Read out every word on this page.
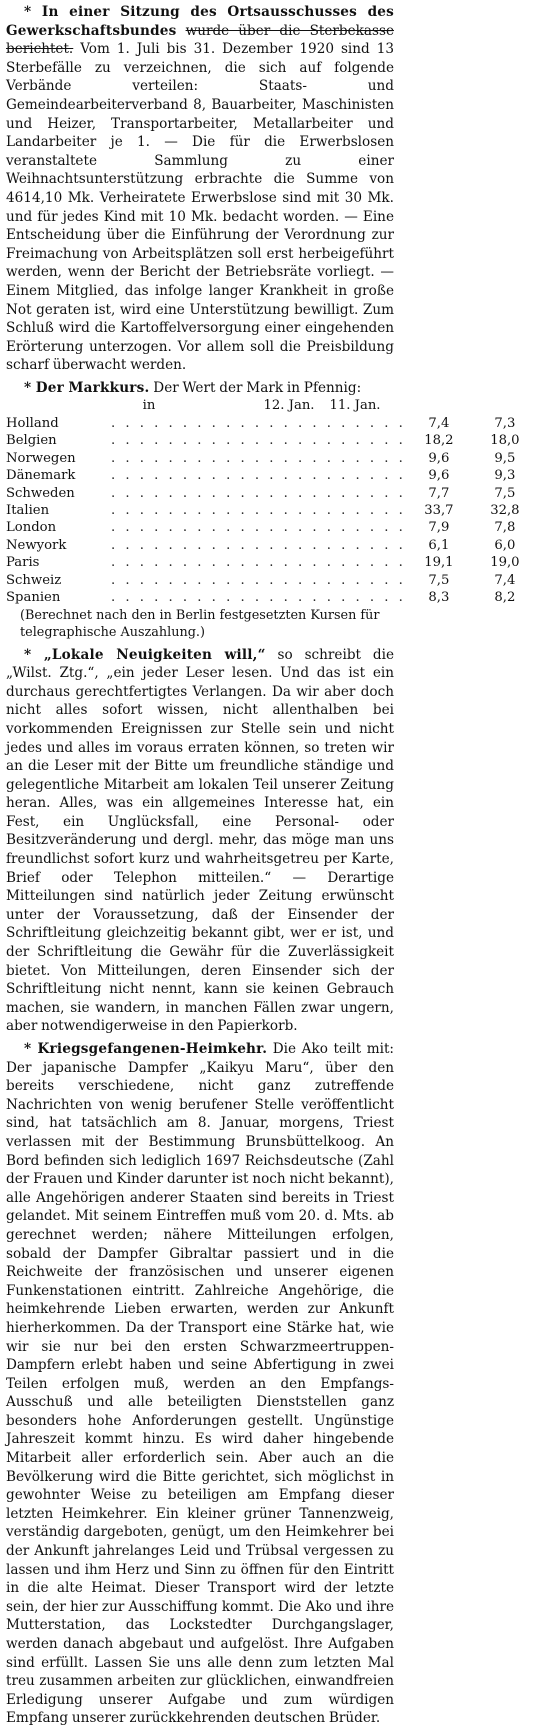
* In einer Sitzung des Ortsausschusses des Gewerkschaftsbundes wurde über die Sterbekasse berichtet. Vom 1. Juli bis 31. Dezember 1920 sind 13 Sterbefälle zu verzeichnen, die sich auf folgende Verbände verteilen: Staats- und Gemeindearbeiterverband 8, Bauarbeiter, Maschinisten und Heizer, Transportarbeiter, Metallarbeiter und Landarbeiter je 1. — Die für die Erwerbslosen veranstaltete Sammlung zu einer Weihnachtsunterstützung erbrachte die Summe von 4614,10 Mk. Verheiratete Erwerbslose sind mit 30 Mk. und für jedes Kind mit 10 Mk. bedacht worden. — Eine Entscheidung über die Einführung der Verordnung zur Freimachung von Arbeitsplätzen soll erst herbeigeführt werden, wenn der Bericht der Betriebsräte vorliegt. — Einem Mitglied, das infolge langer Krankheit in große Not geraten ist, wird eine Unterstützung bewilligt. Zum Schluß wird die Kartoffelversorgung einer eingehenden Erörterung unterzogen. Vor allem soll die Preisbildung scharf überwacht werden.

* Der Markkurs. Der Wert der Mark in Pfennig:

in	12. Jan.	11. Jan.
Holland	. . . . . . . . . . . . . . . . . . . . .	7,4	7,3
Belgien	. . . . . . . . . . . . . . . . . . . . .	18,2	18,0
Norwegen	. . . . . . . . . . . . . . . . . . . . .	9,6	9,5
Dänemark	. . . . . . . . . . . . . . . . . . . . .	9,6	9,3
Schweden	. . . . . . . . . . . . . . . . . . . . .	7,7	7,5
Italien	. . . . . . . . . . . . . . . . . . . . .	33,7	32,8
London	. . . . . . . . . . . . . . . . . . . . .	7,9	7,8
Newyork	. . . . . . . . . . . . . . . . . . . . .	6,1	6,0
Paris	. . . . . . . . . . . . . . . . . . . . .	19,1	19,0
Schweiz	. . . . . . . . . . . . . . . . . . . . .	7,5	7,4
Spanien	. . . . . . . . . . . . . . . . . . . . .	8,3	8,2

(Berechnet nach den in Berlin festgesetzten Kursen für telegraphische Auszahlung.)

* „Lokale Neuigkeiten will,“ so schreibt die „Wilst. Ztg.“, „ein jeder Leser lesen. Und das ist ein durchaus gerechtfertigtes Verlangen. Da wir aber doch nicht alles sofort wissen, nicht allenthalben bei vorkommenden Ereignissen zur Stelle sein und nicht jedes und alles im voraus erraten können, so treten wir an die Leser mit der Bitte um freundliche ständige und gelegentliche Mitarbeit am lokalen Teil unserer Zeitung heran. Alles, was ein allgemeines Interesse hat, ein Fest, ein Unglücksfall, eine Personal- oder Besitzveränderung und dergl. mehr, das möge man uns freundlichst sofort kurz und wahrheitsgetreu per Karte, Brief oder Telephon mitteilen.“ — Derartige Mitteilungen sind natürlich jeder Zeitung erwünscht unter der Voraussetzung, daß der Einsender der Schriftleitung gleichzeitig bekannt gibt, wer er ist, und der Schriftleitung die Gewähr für die Zuverlässigkeit bietet. Von Mitteilungen, deren Einsender sich der Schriftleitung nicht nennt, kann sie keinen Gebrauch machen, sie wandern, in manchen Fällen zwar ungern, aber notwendigerweise in den Papierkorb.

* Kriegsgefangenen-Heimkehr. Die Ako teilt mit: Der japanische Dampfer „Kaikyu Maru“, über den bereits verschiedene, nicht ganz zutreffende Nachrichten von wenig berufener Stelle veröffentlicht sind, hat tatsächlich am 8. Januar, morgens, Triest verlassen mit der Bestimmung Brunsbüttelkoog. An Bord befinden sich lediglich 1697 Reichsdeutsche (Zahl der Frauen und Kinder darunter ist noch nicht bekannt), alle Angehörigen anderer Staaten sind bereits in Triest gelandet. Mit seinem Eintreffen muß vom 20. d. Mts. ab gerechnet werden; nähere Mitteilungen erfolgen, sobald der Dampfer Gibraltar passiert und in die Reichweite der französischen und unserer eigenen Funkenstationen eintritt. Zahlreiche Angehörige, die heimkehrende Lieben erwarten, werden zur Ankunft hierherkommen. Da der Transport eine Stärke hat, wie wir sie nur bei den ersten Schwarzmeertruppen-Dampfern erlebt haben und seine Abfertigung in zwei Teilen erfolgen muß, werden an den Empfangs-Ausschuß und alle beteiligten Dienststellen ganz besonders hohe Anforderungen gestellt. Ungünstige Jahreszeit kommt hinzu. Es wird daher hingebende Mitarbeit aller erforderlich sein. Aber auch an die Bevölkerung wird die Bitte gerichtet, sich möglichst in gewohnter Weise zu beteiligen am Empfang dieser letzten Heimkehrer. Ein kleiner grüner Tannenzweig, verständig dargeboten, genügt, um den Heimkehrer bei der Ankunft jahrelanges Leid und Trübsal vergessen zu lassen und ihm Herz und Sinn zu öffnen für den Eintritt in die alte Heimat. Dieser Transport wird der letzte sein, der hier zur Ausschiffung kommt. Die Ako und ihre Mutterstation, das Lockstedter Durchgangslager, werden danach abgebaut und aufgelöst. Ihre Aufgaben sind erfüllt. Lassen Sie uns alle denn zum letzten Mal treu zusammen arbeiten zur glücklichen, einwandfreien Erledigung unserer Aufgabe und zum würdigen Empfang unserer zurückkehrenden deutschen Brüder.
